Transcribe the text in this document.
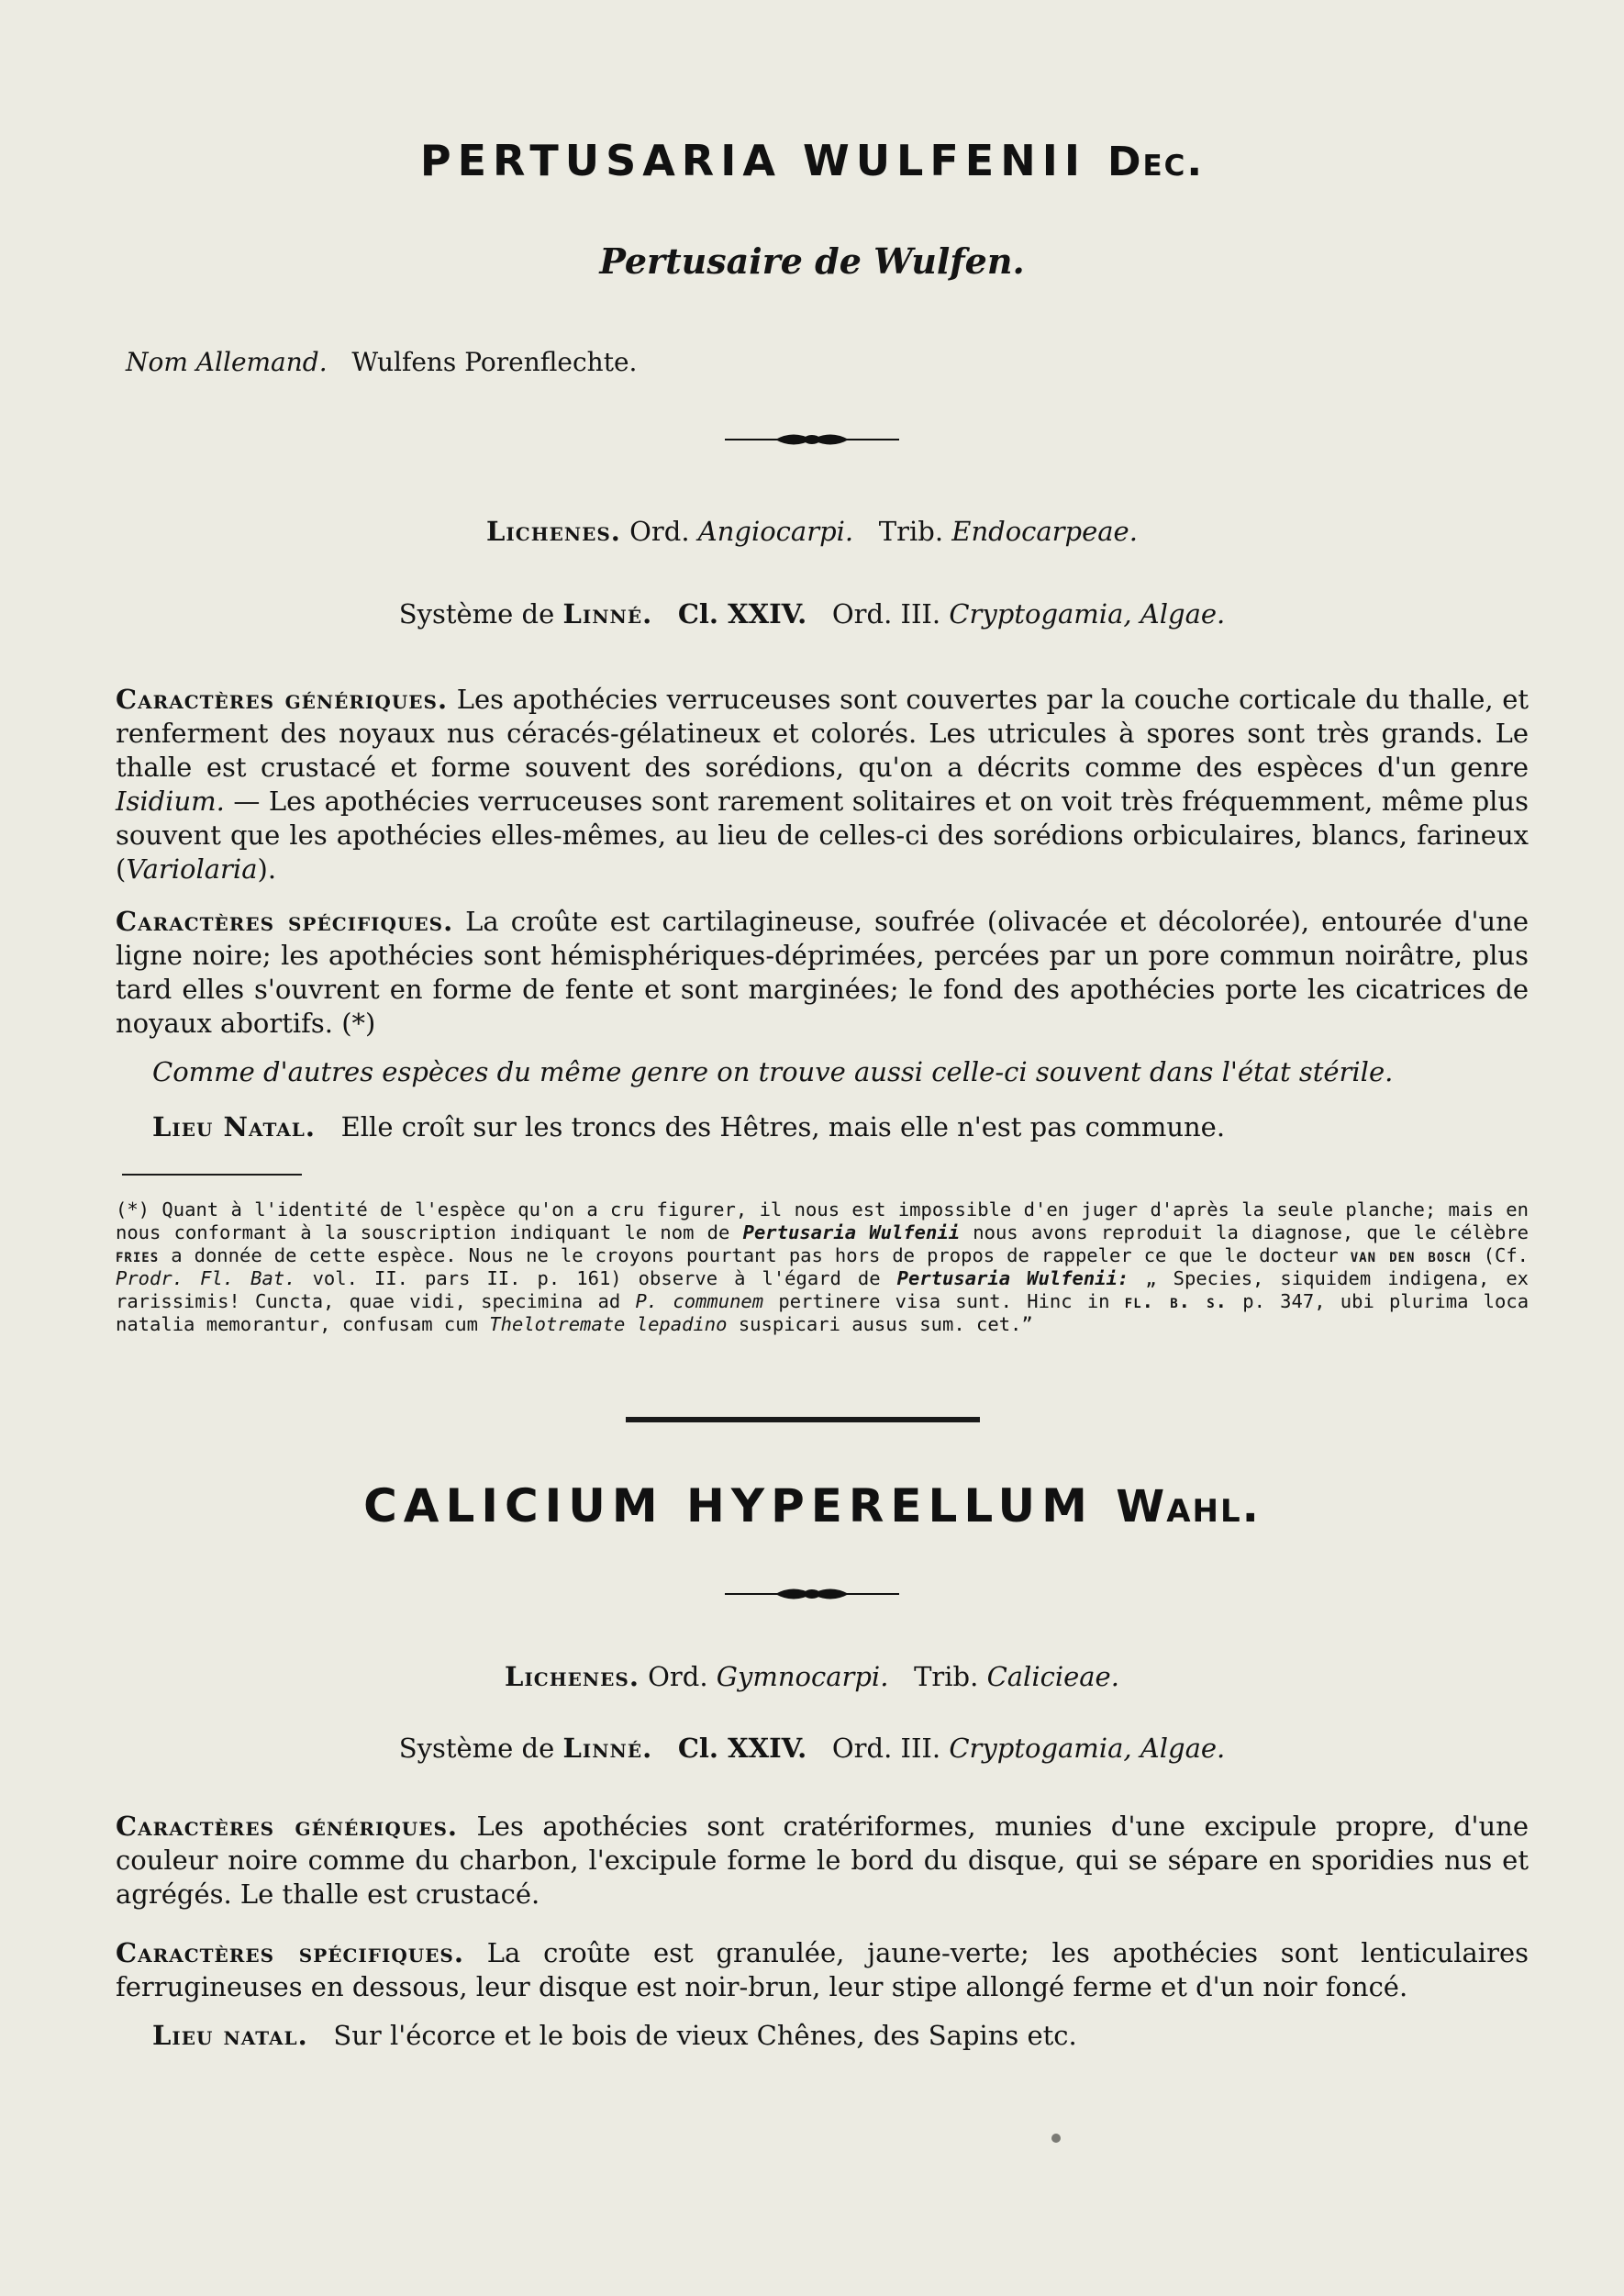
PERTUSARIA WULFENII Dec.
Pertusaire de Wulfen.
Nom Allemand. Wulfens Porenflechte.
Lichenes. Ord. Angiocarpi. Trib. Endocarpeae.
Système de Linné. Cl. XXIV. Ord. III. Cryptogamia, Algae.
Caractères génériques. Les apothécies verruceuses sont couvertes par la couche corticale du thalle, et renferment des noyaux nus céracés-gélatineux et colorés. Les utricules à spores sont très grands. Le thalle est crustacé et forme souvent des sorédions, qu'on a décrits comme des espèces d'un genre Isidium. — Les apothécies verruceuses sont rarement solitaires et on voit très fréquemment, même plus souvent que les apothécies elles-mêmes, au lieu de celles-ci des sorédions orbiculaires, blancs, farineux (Variolaria).
Caractères spécifiques. La croûte est cartilagineuse, soufrée (olivacée et décolorée), entourée d'une ligne noire; les apothécies sont hémisphériques-déprimées, percées par un pore commun noirâtre, plus tard elles s'ouvrent en forme de fente et sont marginées; le fond des apothécies porte les cicatrices de noyaux abortifs. (*)
Comme d'autres espèces du même genre on trouve aussi celle-ci souvent dans l'état stérile.
Lieu Natal. Elle croît sur les troncs des Hêtres, mais elle n'est pas commune.
(*) Quant à l'identité de l'espèce qu'on a cru figurer, il nous est impossible d'en juger d'après la seule planche; mais en nous conformant à la souscription indiquant le nom de Pertusaria Wulfenii nous avons reproduit la diagnose, que le célèbre fries a donnée de cette espèce. Nous ne le croyons pourtant pas hors de propos de rappeler ce que le docteur van den bosch (Cf. Prodr. Fl. Bat. vol. II. pars II. p. 161) observe à l'égard de Pertusaria Wulfenii: „ Species, siquidem indigena, ex rarissimis! Cuncta, quae vidi, specimina ad P. communem pertinere visa sunt. Hinc in fl. b. s. p. 347, ubi plurima loca natalia memorantur, confusam cum Thelotremate lepadino suspicari ausus sum. cet.”
CALICIUM HYPERELLUM Wahl.
Lichenes. Ord. Gymnocarpi. Trib. Calicieae.
Système de Linné. Cl. XXIV. Ord. III. Cryptogamia, Algae.
Caractères génériques. Les apothécies sont cratériformes, munies d'une excipule propre, d'une couleur noire comme du charbon, l'excipule forme le bord du disque, qui se sépare en sporidies nus et agrégés. Le thalle est crustacé.
Caractères spécifiques. La croûte est granulée, jaune-verte; les apothécies sont lenticulaires ferrugineuses en dessous, leur disque est noir-brun, leur stipe allongé ferme et d'un noir foncé.
Lieu natal. Sur l'écorce et le bois de vieux Chênes, des Sapins etc.
